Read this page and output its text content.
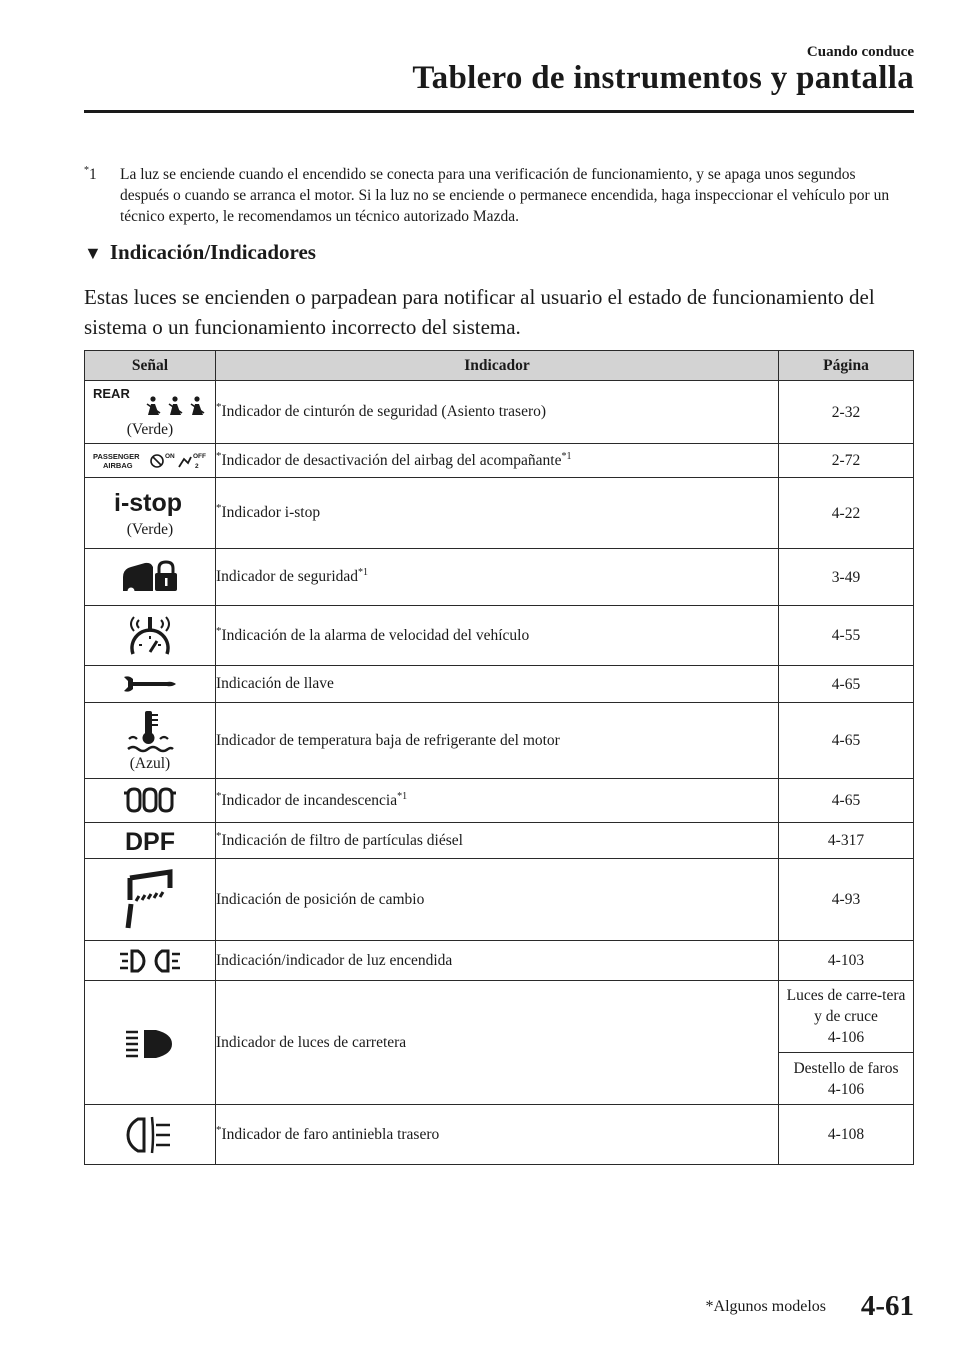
Cuando conduce
Tablero de instrumentos y pantalla
*1	La luz se enciende cuando el encendido se conecta para una verificación de funcionamiento, y se apaga unos segundos después o cuando se arranca el motor. Si la luz no se enciende o permanece encendida, haga inspeccionar el vehículo por un técnico experto, le recomendamos un técnico autorizado Mazda.
▼ Indicación/Indicadores
Estas luces se encienden o parpadean para notificar al usuario el estado de funcionamiento del sistema o un funcionamiento incorrecto del sistema.
Señal	Indicador	Página

REAR
(Verde)	*Indicador de cinturón de seguridad (Asiento trasero)	2-32

PASSENGER
AIRBAG
ON OFF
2	*Indicador de desactivación del airbag del acompañante$^{*1}$	2-72

i-stop
(Verde)	*Indicador i-stop	4-22

	Indicador de seguridad$^{*1}$	3-49

	*Indicación de la alarma de velocidad del vehículo	4-55

	Indicación de llave	4-65

(Azul)	Indicador de temperatura baja de refrigerante del motor	4-65

	*Indicador de incandescencia$^{*1}$	4-65

DPF	*Indicación de filtro de partículas diésel	4-317

	Indicación de posición de cambio	4-93

	Indicación/indicador de luz encendida	4-103

	Indicador de luces de carretera	Luces de carre-tera y de cruce
4-106

		Destello de faros
4-106

	*Indicador de faro antiniebla trasero	4-108
*Algunos modelos 4-61
